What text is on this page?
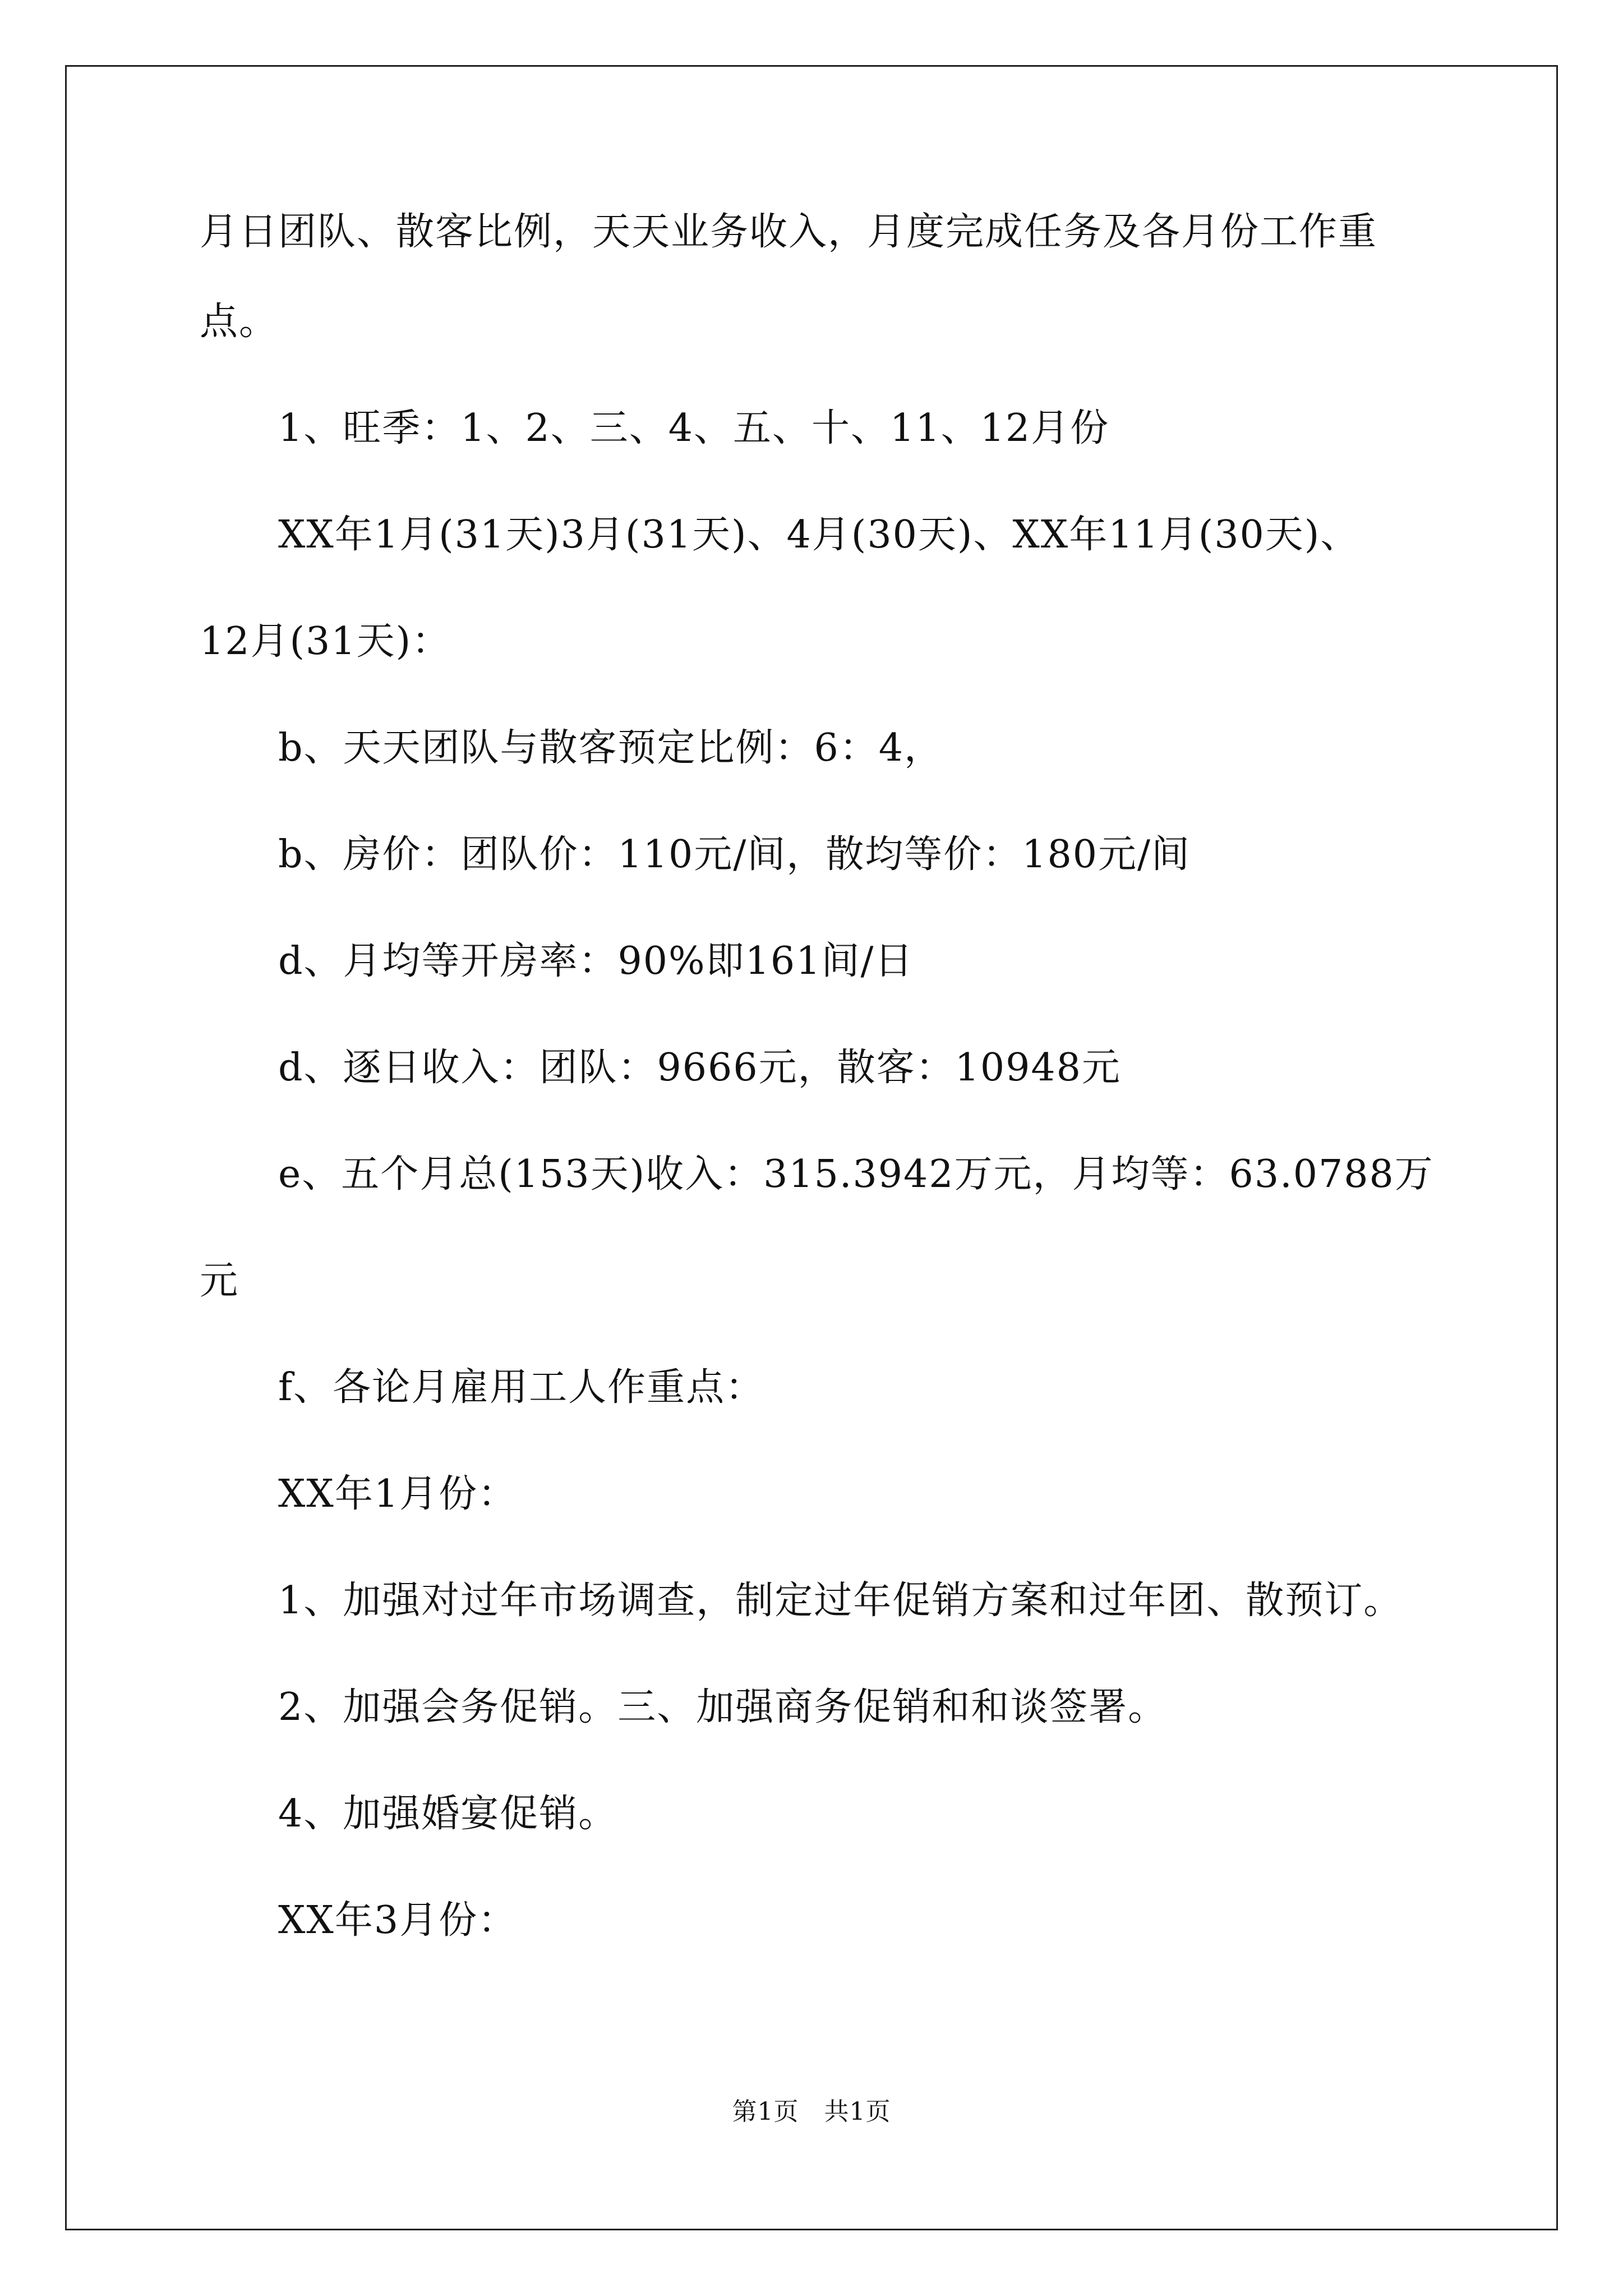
月日团队、散客比例，天天业务收入，月度完成任务及各月份工作重
点。
1、旺季：1、2、三、4、五、十、11、12月份
XX年1月(31天)3月(31天)、4月(30天)、XX年11月(30天)、
12月(31天)：
b、天天团队与散客预定比例：6：4，
b、房价：团队价：110元/间，散均等价：180元/间
d、月均等开房率：90%即161间/日
d、逐日收入：团队：9666元，散客：10948元
e、五个月总(153天)收入：315.3942万元，月均等：63.0788万
元
f、各论月雇用工人作重点：
XX年1月份：
1、加强对过年市场调查，制定过年促销方案和过年团、散预订。
2、加强会务促销。三、加强商务促销和和谈签署。
4、加强婚宴促销。
XX年3月份：
第1页　共1页
